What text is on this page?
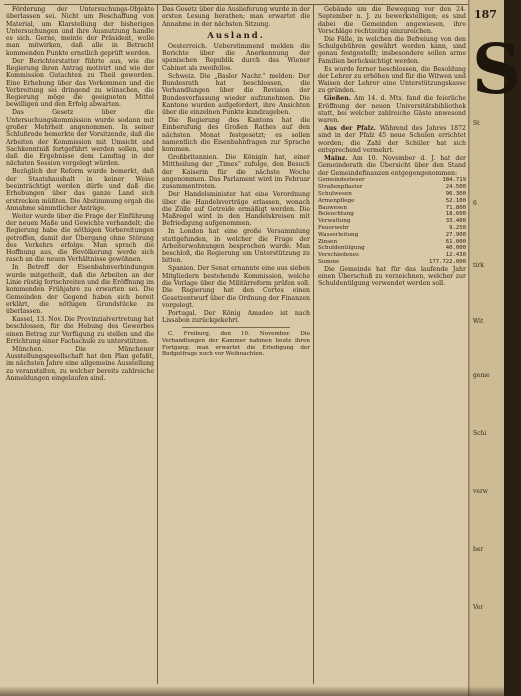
Förderung der Untersuchungs-Objekte überlassen sei. Nicht um Beschaffung von Material, um Klarstellung der bisherigen Untersuchungen und ihre Ausnutzung handle es sich. Gerne, meinte der Präsident, wolle man mitwirken, daß alle in Betracht kommenden Punkte ernstlich geprüft werden.

Der Berichterstatter führte aus, wie die Regierung ihren Antrag motivirt und wie der Kommission Gutachten zu Theil geworden. Eine Erhebung über das Vorkommen und die Verbreitung sei dringend zu wünschen, die Regierung möge die geeigneten Mittel bewilligen und den Erfolg abwarten.

Das Gesetz über die Untersuchungskommission wurde sodann mit großer Mehrheit angenommen. In seiner Schlußrede bemerkte der Vorsitzende, daß die Arbeiten der Kommission mit Umsicht und Sachkenntniß fortgeführt werden sollen, und daß die Ergebnisse dem Landtag in der nächsten Session vorgelegt würden.

Bezüglich der Reform wurde bemerkt, daß der Staatshaushalt in keiner Weise beeinträchtigt werden dürfe und daß die Erhebungen über das ganze Land sich erstrecken müßten. Die Abstimmung ergab die Annahme sämmtlicher Anträge.

Weiter wurde über die Frage der Einführung der neuen Maße und Gewichte verhandelt; die Regierung habe die nöthigen Vorbereitungen getroffen, damit der Übergang ohne Störung des Verkehrs erfolge. Man sprach die Hoffnung aus, die Bevölkerung werde sich rasch an die neuen Verhältnisse gewöhnen.

In Betreff der Eisenbahnverbindungen wurde mitgetheilt, daß die Arbeiten an der Linie rüstig fortschreiten und die Eröffnung im kommenden Frühjahre zu erwarten sei. Die Gemeinden der Gegend haben sich bereit erklärt, die nöthigen Grundstücke zu überlassen.

Kassel, 13. Nov. Die Provinzialvertretung hat beschlossen, für die Hebung des Gewerbes einen Betrag zur Verfügung zu stellen und die Errichtung einer Fachschule zu unterstützen.

München. Die Münchener Ausstellungsgesellschaft hat den Plan gefaßt, im nächsten Jahre eine allgemeine Ausstellung zu veranstalten, zu welcher bereits zahlreiche Anmeldungen eingelaufen sind.

Das Gesetz über die Auslieferung wurde in der ersten Lesung berathen; man erwartet die Annahme in der nächsten Sitzung.

Ausland.

Oesterreich. Ueberstimmend melden die Berichte über die Anerkennung der spanischen Republik durch das Wiener Cabinet als zweifellos.

Schweiz. Die „Basler Nachr.“ melden: Der Bundesrath hat beschlossen, die Verhandlungen über die Revision der Bundesverfassung wieder aufzunehmen. Die Kantone wurden aufgefordert, ihre Ansichten über die einzelnen Punkte kundzugeben.

Die Regierung des Kantons hat die Einberufung des Großen Rathes auf den nächsten Monat festgesetzt; es sollen namentlich die Eisenbahnfragen zur Sprache kommen.

Großbritannien. Die Königin hat, einer Mittheilung der „Times“ zufolge, den Besuch der Kaiserin für die nächste Woche angenommen. Das Parlament wird im Februar zusammentreten.

Der Handelsminister hat eine Verordnung über die Handelsverträge erlassen, wonach die Zölle auf Getreide ermäßigt werden. Die Maßregel wird in den Handelskreisen mit Befriedigung aufgenommen.

In London hat eine große Versammlung stattgefunden, in welcher die Frage der Arbeiterwohnungen besprochen wurde. Man beschloß, die Regierung um Unterstützung zu bitten.

Spanien. Der Senat ernannte eine aus sieben Mitgliedern bestehende Kommission, welche die Vorlage über die Militärreform prüfen soll. Die Regierung hat den Cortes einen Gesetzentwurf über die Ordnung der Finanzen vorgelegt.

Portugal. Der König Amadeo ist nach Lissabon zurückgekehrt.

C. Freiburg, den 10. November. Die Verhandlungen der Kammer nahmen heute ihren Fortgang; man erwartet die Erledigung der Budgetfrage noch vor Weihnachten.

Gebäude um die Bewegung vor den 24. September n. J. zu bewerkstelligen; es sind dabei die Gemeinden angewiesen, ihre Vorschläge rechtzeitig einzureichen.

Die Fälle, in welchen die Befreiung von den Schulgebühren gewährt werden kann, sind genau festgestellt; insbesondere sollen arme Familien berücksichtigt werden.

Es wurde ferner beschlossen, die Besoldung der Lehrer zu erhöhen und für die Witwen und Waisen der Lehrer eine Unterstützungskasse zu gründen.

Gießen. Am 14. d. Mts. fand die feierliche Eröffnung der neuen Universitätsbibliothek statt, bei welcher zahlreiche Gäste anwesend waren.

Aus der Pfalz. Während des Jahres 1872 sind in der Pfalz 45 neue Schulen errichtet worden; die Zahl der Schüler hat sich entsprechend vermehrt.

Mainz. Am 10. November d. J. hat der Gemeinderath die Übersicht über den Stand der Gemeindefinanzen entgegengenommen:

Gemeindesteuer	184.719
Straßenpflaster	24.500
Schulwesen	96.300
Armenpflege	52.100
Bauwesen	71.800
Beleuchtung	18.600
Verwaltung	33.400
Feuerwehr	9.250
Wasserleitung	27.900
Zinsen	61.000
Schuldentilgung	40.000
Verschiedenes	12.430
Summe	177.722.000

Die Gemeinde hat für das laufende Jahr einen Überschuß zu verzeichnen, welcher zur Schuldentilgung verwendet werden soll.

187
S
St
6
tirk
Wit
geme
Schi
verw
ber
Ver
